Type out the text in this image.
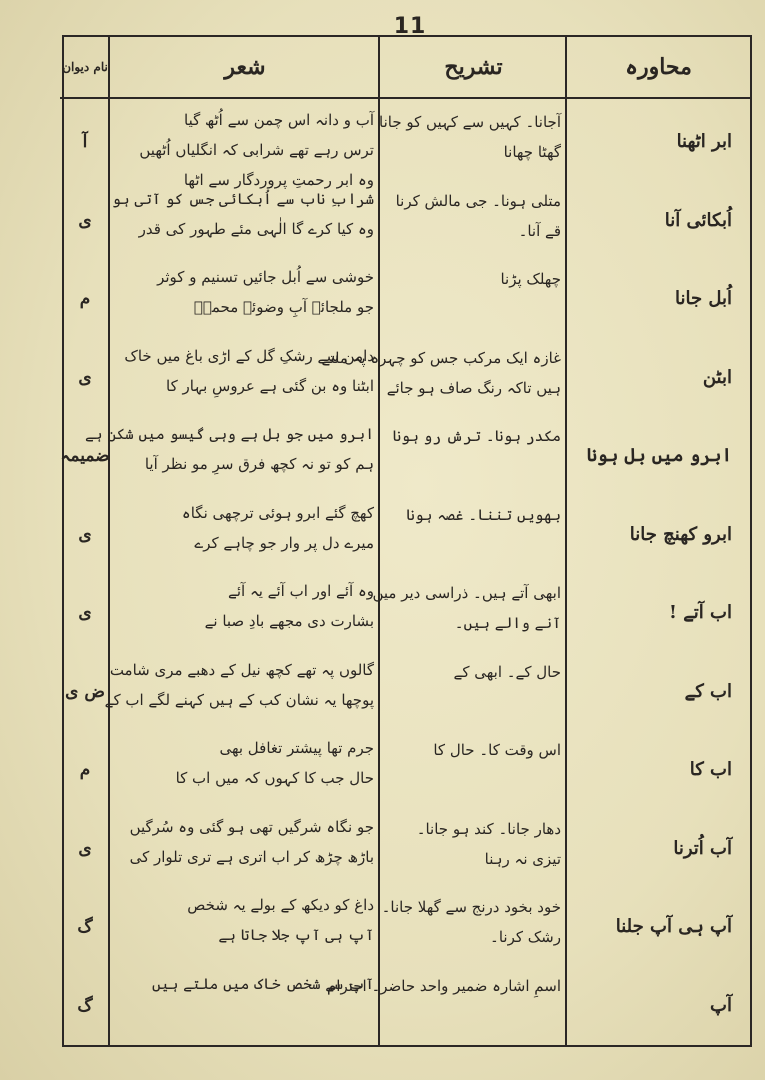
11
محاورہ
تشریح
شعر
نام دیوان
ابر اٹھنا
آجانا۔ کہیں سے کہیں کو جانا
گھٹا چھانا
آب و دانہ اس چمن سے اُٹھ گیا
ترس رہے تھے شرابی کہ انگلیاں اُٹھیں
وہ ابر رحمتِ پروردگار سے اٹھا
آ
اُبکائی آنا
متلی ہونا۔ جی مالش کرنا
قے آنا۔
شرابِ ناب سے اُبکائی جس کو آتی ہو
وہ کیا کرے گا الٰہی مئے طہور کی قدر
ی
اُبل جانا
چھلک پڑنا
خوشی سے اُبل جائیں تسنیم و کوثر
جو ملجائے آبِ وضوئے محمدؐ
م
ابٹن
غازہ ایک مرکب جس کو چہرہ پہ ملتے
ہیں تاکہ رنگ صاف ہو جائے
دامن سے رشکِ گل کے اڑی باغ میں خاک
ابٹنا وہ بن گئی ہے عروسِ بہار کا
ی
ابرو میں بل ہونا
مکدر ہونا۔ ترش رو ہونا
ابرو میں جو بل ہے وہی گیسو میں شکن ہے
ہم کو تو نہ کچھ فرق سرِ مو نظر آیا
ضمیمہ
ابرو کھنچ جانا
بھویں تننا۔ غصہ ہونا
کھچ گئے ابرو ہوئی ترچھی نگاہ
میرے دل پر وار جو چاہے کرے
ی
اب آتے !
ابھی آتے ہیں۔ ذراسی دیر میں
آنے والے ہیں۔
وہ آئے اور اب آئے یہ آئے
بشارت دی مجھے بادِ صبا نے
ی
اب کے
حال کے۔ ابھی کے
گالوں پہ تھے کچھ نیل کے دھبے مری شامت
پوچھا یہ نشان کب کے ہیں کہنے لگے اب کے
ض ی
اب کا
اس وقت کا۔ حال کا
جرم تھا پیشتر تغافل بھی
حال جب کا کہوں کہ میں اب کا
م
آب اُترنا
دھار جانا۔ کند ہو جانا۔
تیزی نہ رہنا
جو نگاہ شرگیں تھی ہو گئی وہ سُرگیں
باڑھ چڑھ کر اب اتری ہے تری تلوار کی
ی
آپ ہی آپ جلنا
خود بخود درنج سے گھلا جانا۔
رشک کرنا۔
داغ کو دیکھ کے بولے یہ شخص
آپ ہی آپ جلا جاتا ہے
گ
آپ
اسمِ اشارہ ضمیر واحد حاضر۔ احترام
آپ سے شخص خاک میں ملتے ہیں
گ
